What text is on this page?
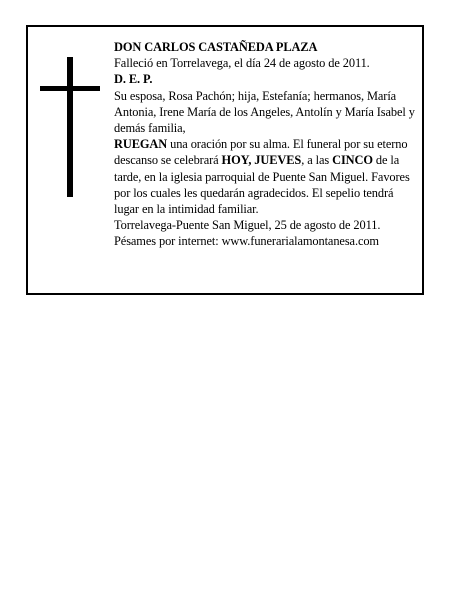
DON CARLOS CASTAÑEDA PLAZA

Falleció en Torrelavega, el día 24 de agosto de 2011.

D. E. P.

Su esposa, Rosa Pachón; hija, Estefanía; hermanos, María Antonia, Irene María de los Angeles, Antolín y María Isabel y demás familia,

RUEGAN una oración por su alma. El funeral por su eterno descanso se celebrará HOY, JUEVES, a las CINCO de la tarde, en la iglesia parroquial de Puente San Miguel. Favores por los cuales les quedarán agradecidos. El sepelio tendrá lugar en la intimidad familiar.

Torrelavega-Puente San Miguel, 25 de agosto de 2011.

Pésames por internet: www.funerarialamontanesa.com
